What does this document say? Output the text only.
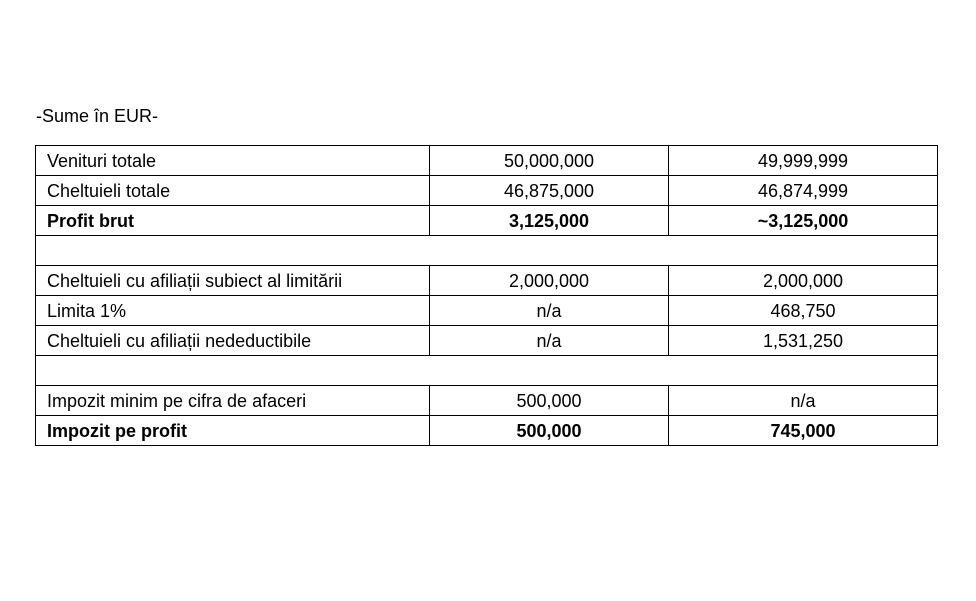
-Sume în EUR-
Venituri totale	50,000,000	49,999,999
Cheltuieli totale	46,875,000	46,874,999
Profit brut	3,125,000	~3,125,000

Cheltuieli cu afiliații subiect al limitării	2,000,000	2,000,000
Limita 1%	n/a	468,750
Cheltuieli cu afiliații nedeductibile	n/a	1,531,250

Impozit minim pe cifra de afaceri	500,000	n/a
Impozit pe profit	500,000	745,000
